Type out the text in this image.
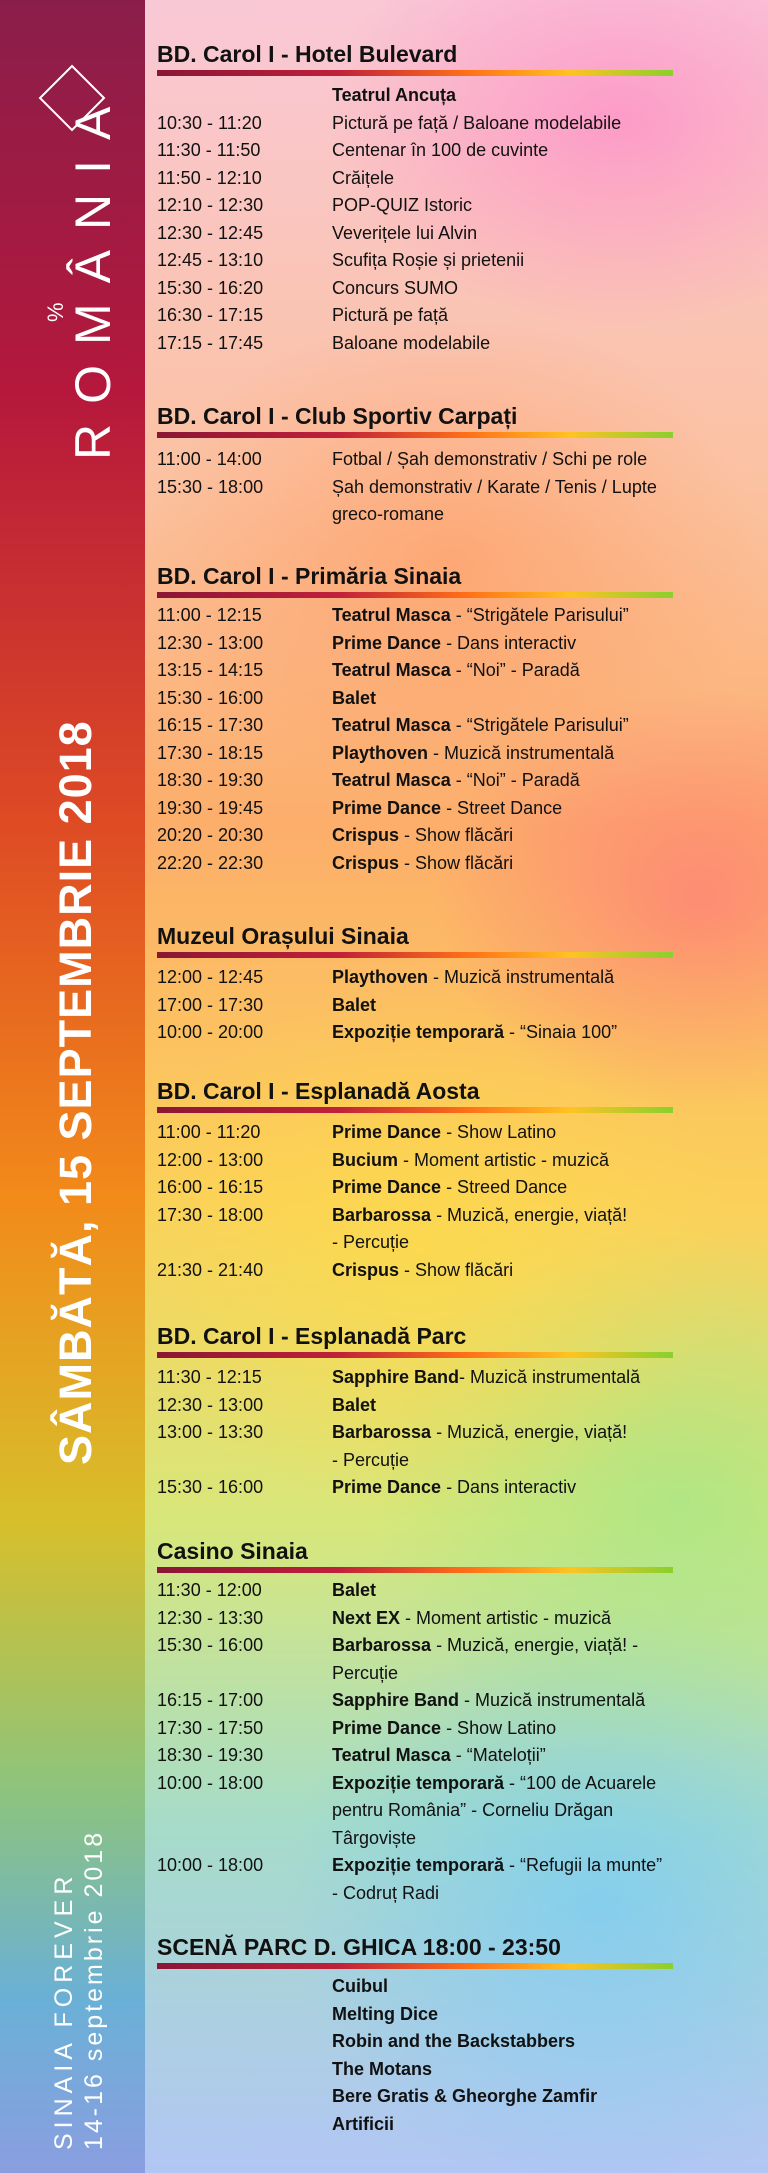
ROMÂNIA
%
SÂMBĂTĂ, 15 SEPTEMBRIE 2018
SINAIA FOREVER 14-16 septembrie 2018
BD. Carol I - Hotel Bulevard
Teatrul Ancuța
10:30 - 11:20	Pictură pe față / Baloane modelabile
11:30 - 11:50	Centenar în 100 de cuvinte
11:50 - 12:10	Crăițele
12:10 - 12:30	POP-QUIZ Istoric
12:30 - 12:45	Veverițele lui Alvin
12:45 - 13:10	Scufița Roșie și prietenii
15:30 - 16:20	Concurs SUMO
16:30 - 17:15	Pictură pe față
17:15 - 17:45	Baloane modelabile
BD. Carol I - Club Sportiv Carpați
11:00 - 14:00	Fotbal / Șah demonstrativ / Schi pe role
15:30 - 18:00	Șah demonstrativ / Karate / Tenis / Lupte
greco-romane
BD. Carol I - Primăria Sinaia
11:00 - 12:15	Teatrul Masca - “Strigătele Parisului”
12:30 - 13:00	Prime Dance - Dans interactiv
13:15 - 14:15	Teatrul Masca - “Noi” - Paradă
15:30 - 16:00	Balet
16:15 - 17:30	Teatrul Masca - “Strigătele Parisului”
17:30 - 18:15	Playthoven - Muzică instrumentală
18:30 - 19:30	Teatrul Masca - “Noi” - Paradă
19:30 - 19:45	Prime Dance - Street Dance
20:20 - 20:30	Crispus - Show flăcări
22:20 - 22:30	Crispus - Show flăcări
Muzeul Orașului Sinaia
12:00 - 12:45	Playthoven - Muzică instrumentală
17:00 - 17:30	Balet
10:00 - 20:00	Expoziție temporară - “Sinaia 100”
BD. Carol I - Esplanadă Aosta
11:00 - 11:20	Prime Dance - Show Latino
12:00 - 13:00	Bucium - Moment artistic - muzică
16:00 - 16:15	Prime Dance - Streed Dance
17:30 - 18:00	Barbarossa - Muzică, energie, viață!
- Percuție
21:30 - 21:40	Crispus - Show flăcări
BD. Carol I - Esplanadă Parc
11:30 - 12:15	Sapphire Band- Muzică instrumentală
12:30 - 13:00	Balet
13:00 - 13:30	Barbarossa - Muzică, energie, viață!
- Percuție
15:30 - 16:00	Prime Dance - Dans interactiv
Casino Sinaia
11:30 - 12:00	Balet
12:30 - 13:30	Next EX - Moment artistic - muzică
15:30 - 16:00	Barbarossa - Muzică, energie, viață! -
Percuție
16:15 - 17:00	Sapphire Band - Muzică instrumentală
17:30 - 17:50	Prime Dance - Show Latino
18:30 - 19:30	Teatrul Masca - “Mateloții”
10:00 - 18:00	Expoziție temporară - “100 de Acuarele
pentru România” - Corneliu Drăgan
Târgoviște
10:00 - 18:00	Expoziție temporară - “Refugii la munte”
- Codruț Radi
SCENĂ PARC D. GHICA 18:00 - 23:50
Cuibul
Melting Dice
Robin and the Backstabbers
The Motans
Bere Gratis & Gheorghe Zamfir
Artificii
